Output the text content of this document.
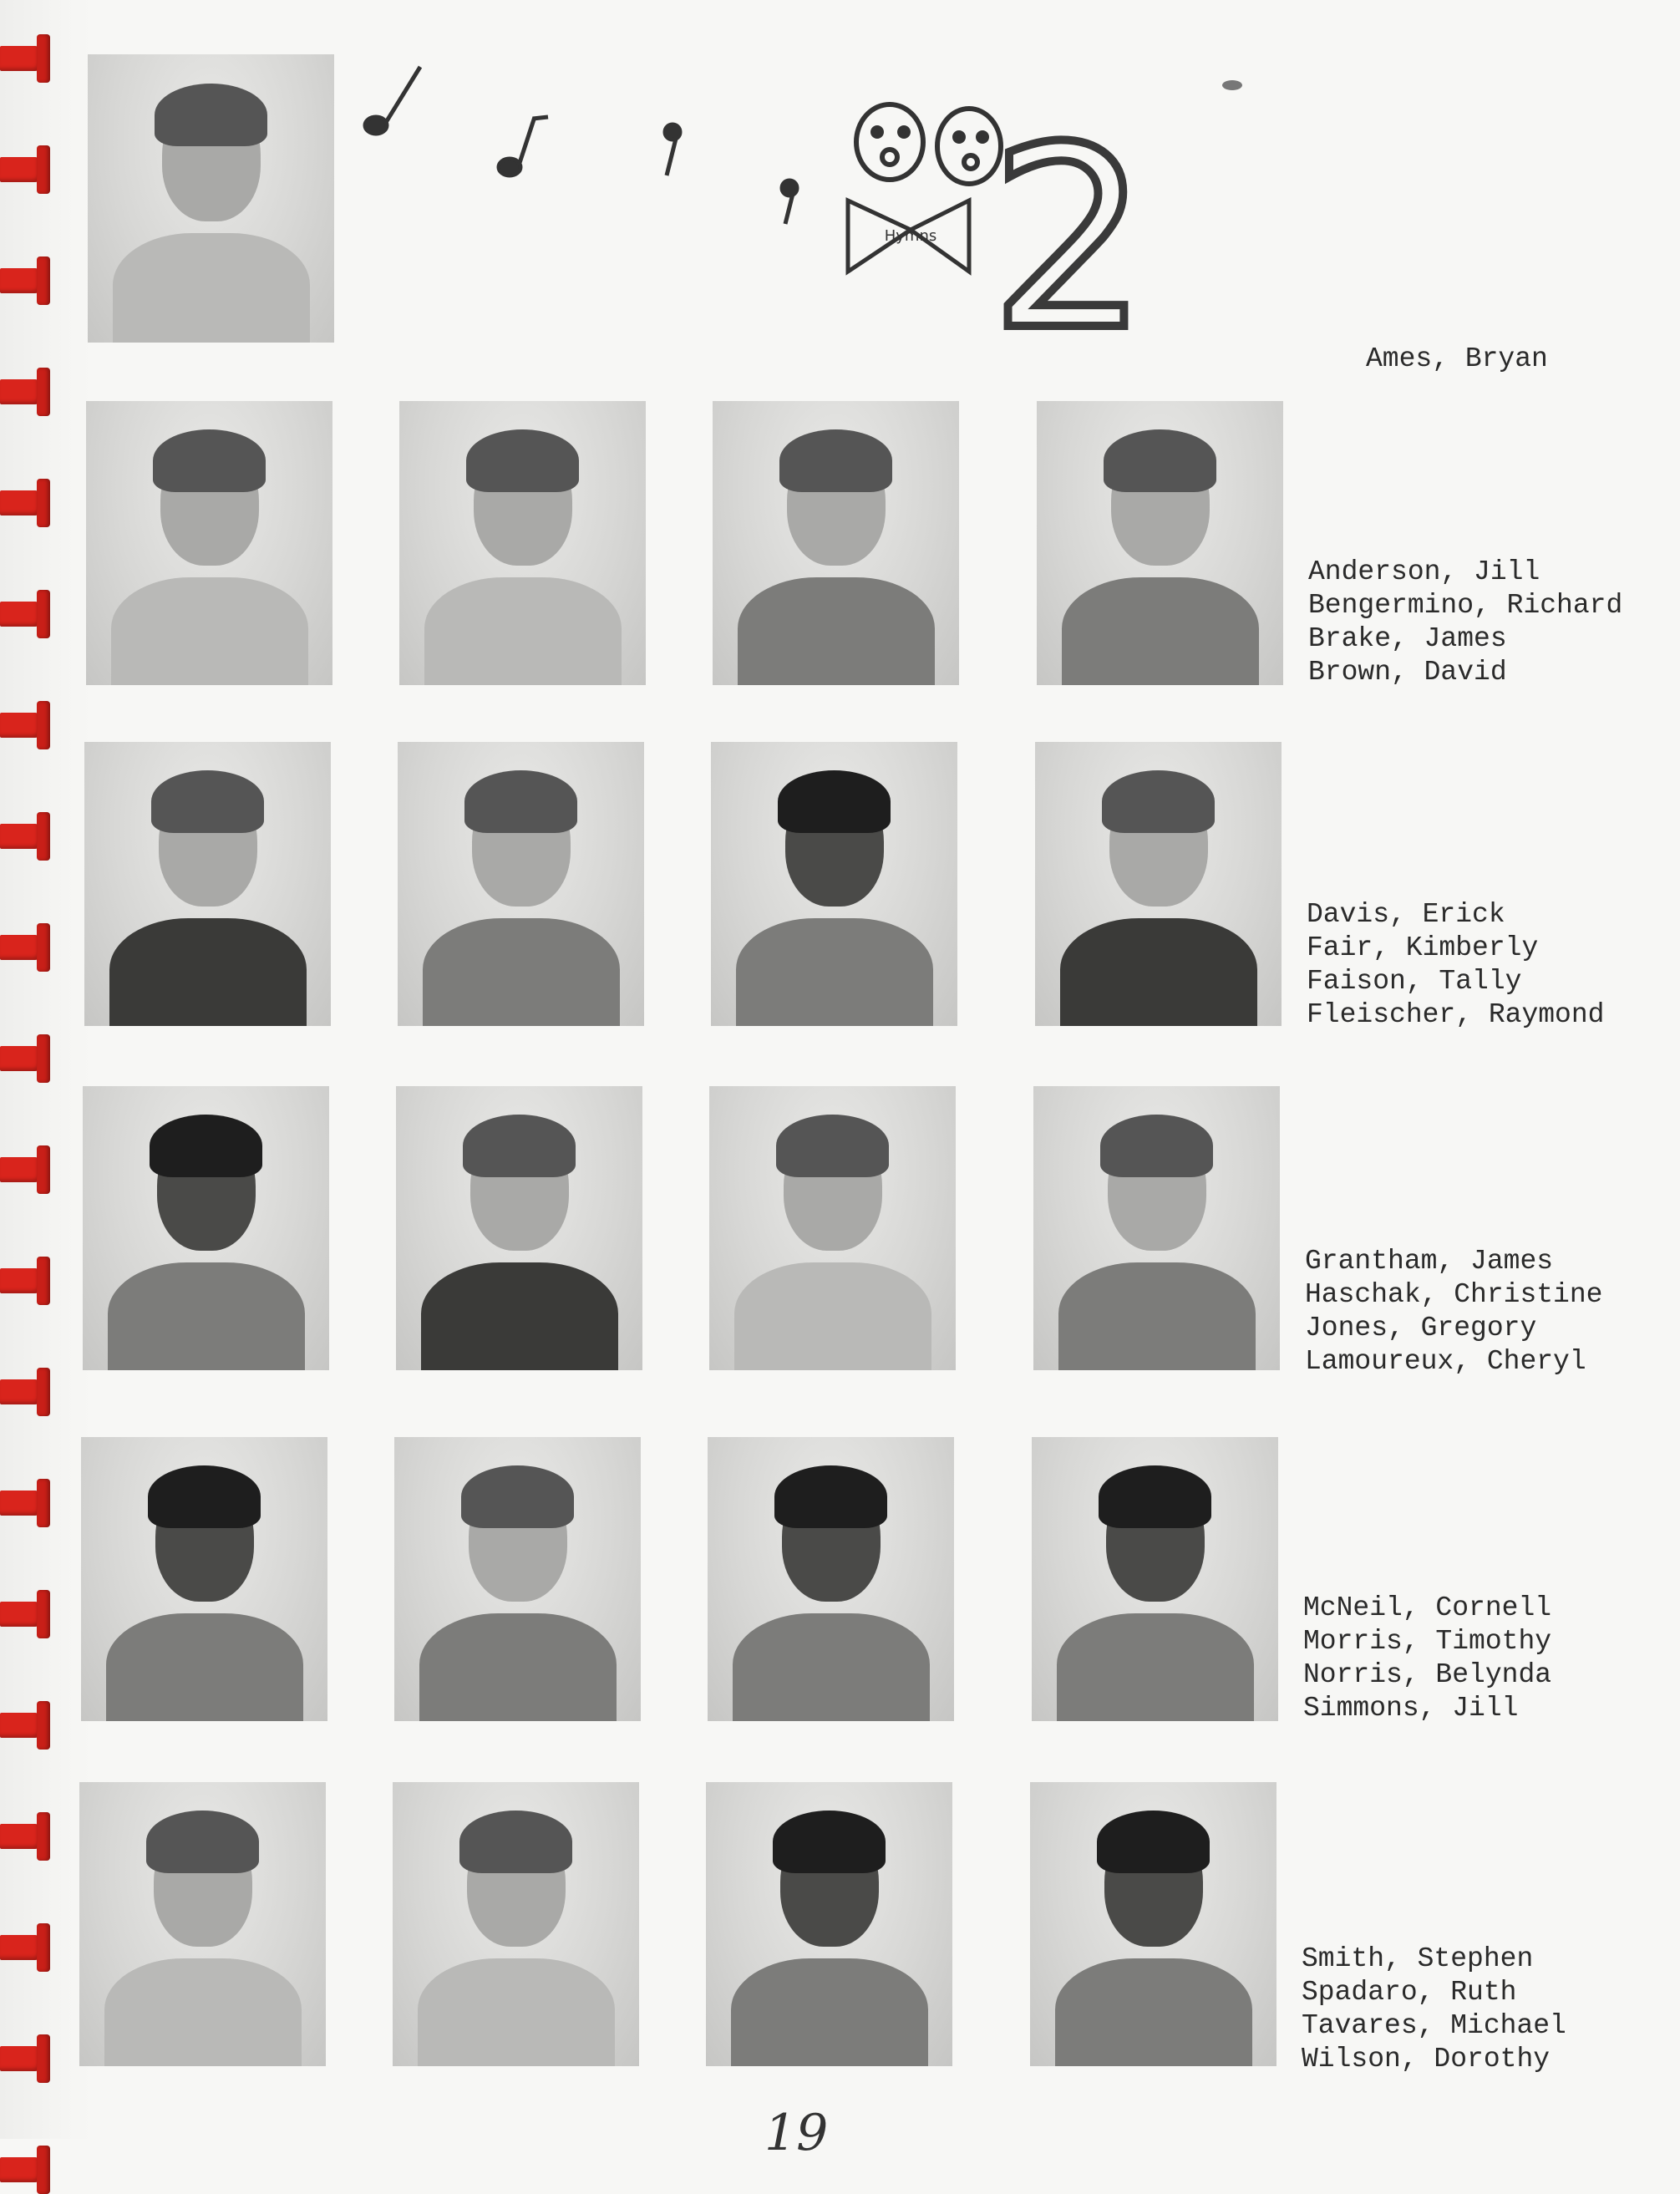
Hymns 2	Ames, Bryan
Anderson, Jill
Bengermino, Richard
Brake, James
Brown, David
Davis, Erick
Fair, Kimberly
Faison, Tally
Fleischer, Raymond
Grantham, James
Haschak, Christine
Jones, Gregory
Lamoureux, Cheryl
McNeil, Cornell
Morris, Timothy
Norris, Belynda
Simmons, Jill
Smith, Stephen
Spadaro, Ruth
Tavares, Michael
Wilson, Dorothy
19
